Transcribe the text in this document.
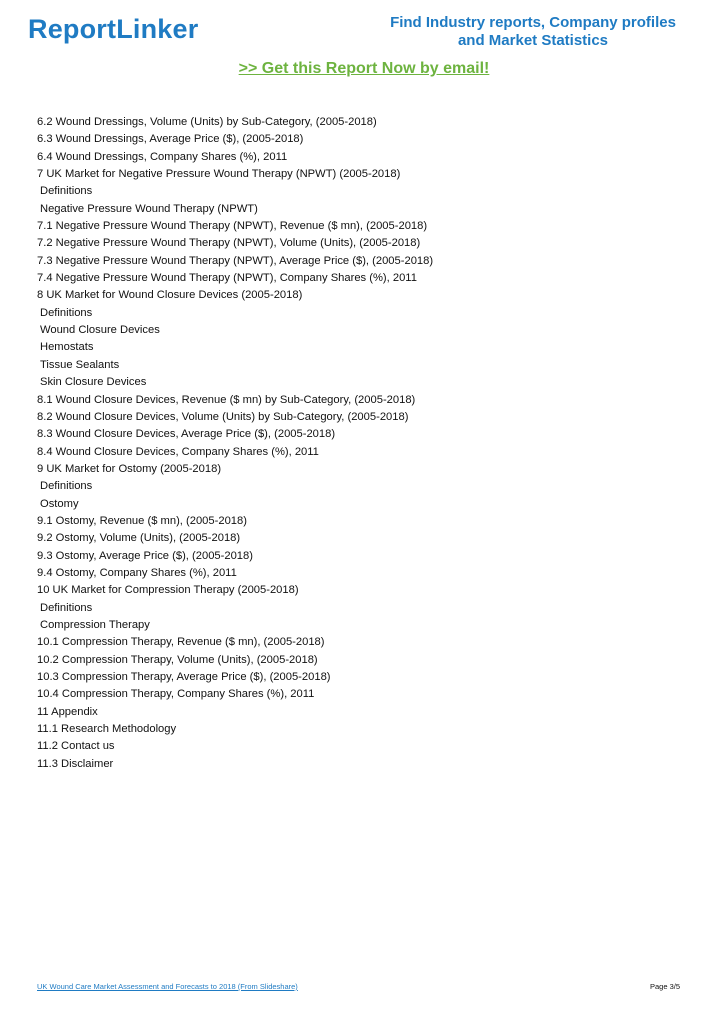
ReportLinker	Find Industry reports, Company profiles
and Market Statistics
>> Get this Report Now by email!
6.2 Wound Dressings, Volume (Units) by Sub-Category, (2005-2018)
6.3 Wound Dressings, Average Price ($), (2005-2018)
6.4 Wound Dressings, Company Shares (%), 2011
7 UK Market for Negative Pressure Wound Therapy (NPWT) (2005-2018)
Definitions
Negative Pressure Wound Therapy (NPWT)
7.1 Negative Pressure Wound Therapy (NPWT), Revenue ($ mn), (2005-2018)
7.2 Negative Pressure Wound Therapy (NPWT), Volume (Units), (2005-2018)
7.3 Negative Pressure Wound Therapy (NPWT), Average Price ($), (2005-2018)
7.4 Negative Pressure Wound Therapy (NPWT), Company Shares (%), 2011
8 UK Market for Wound Closure Devices (2005-2018)
Definitions
Wound Closure Devices
Hemostats
Tissue Sealants
Skin Closure Devices
8.1 Wound Closure Devices, Revenue ($ mn) by Sub-Category, (2005-2018)
8.2 Wound Closure Devices, Volume (Units) by Sub-Category, (2005-2018)
8.3 Wound Closure Devices, Average Price ($), (2005-2018)
8.4 Wound Closure Devices, Company Shares (%), 2011
9 UK Market for Ostomy (2005-2018)
Definitions
Ostomy
9.1 Ostomy, Revenue ($ mn), (2005-2018)
9.2 Ostomy, Volume (Units), (2005-2018)
9.3 Ostomy, Average Price ($), (2005-2018)
9.4 Ostomy, Company Shares (%), 2011
10 UK Market for Compression Therapy (2005-2018)
Definitions
Compression Therapy
10.1 Compression Therapy, Revenue ($ mn), (2005-2018)
10.2 Compression Therapy, Volume (Units), (2005-2018)
10.3 Compression Therapy, Average Price ($), (2005-2018)
10.4 Compression Therapy, Company Shares (%), 2011
11 Appendix
11.1 Research Methodology
11.2 Contact us
11.3 Disclaimer
UK Wound Care Market Assessment and Forecasts to 2018 (From Slideshare)	Page 3/5
